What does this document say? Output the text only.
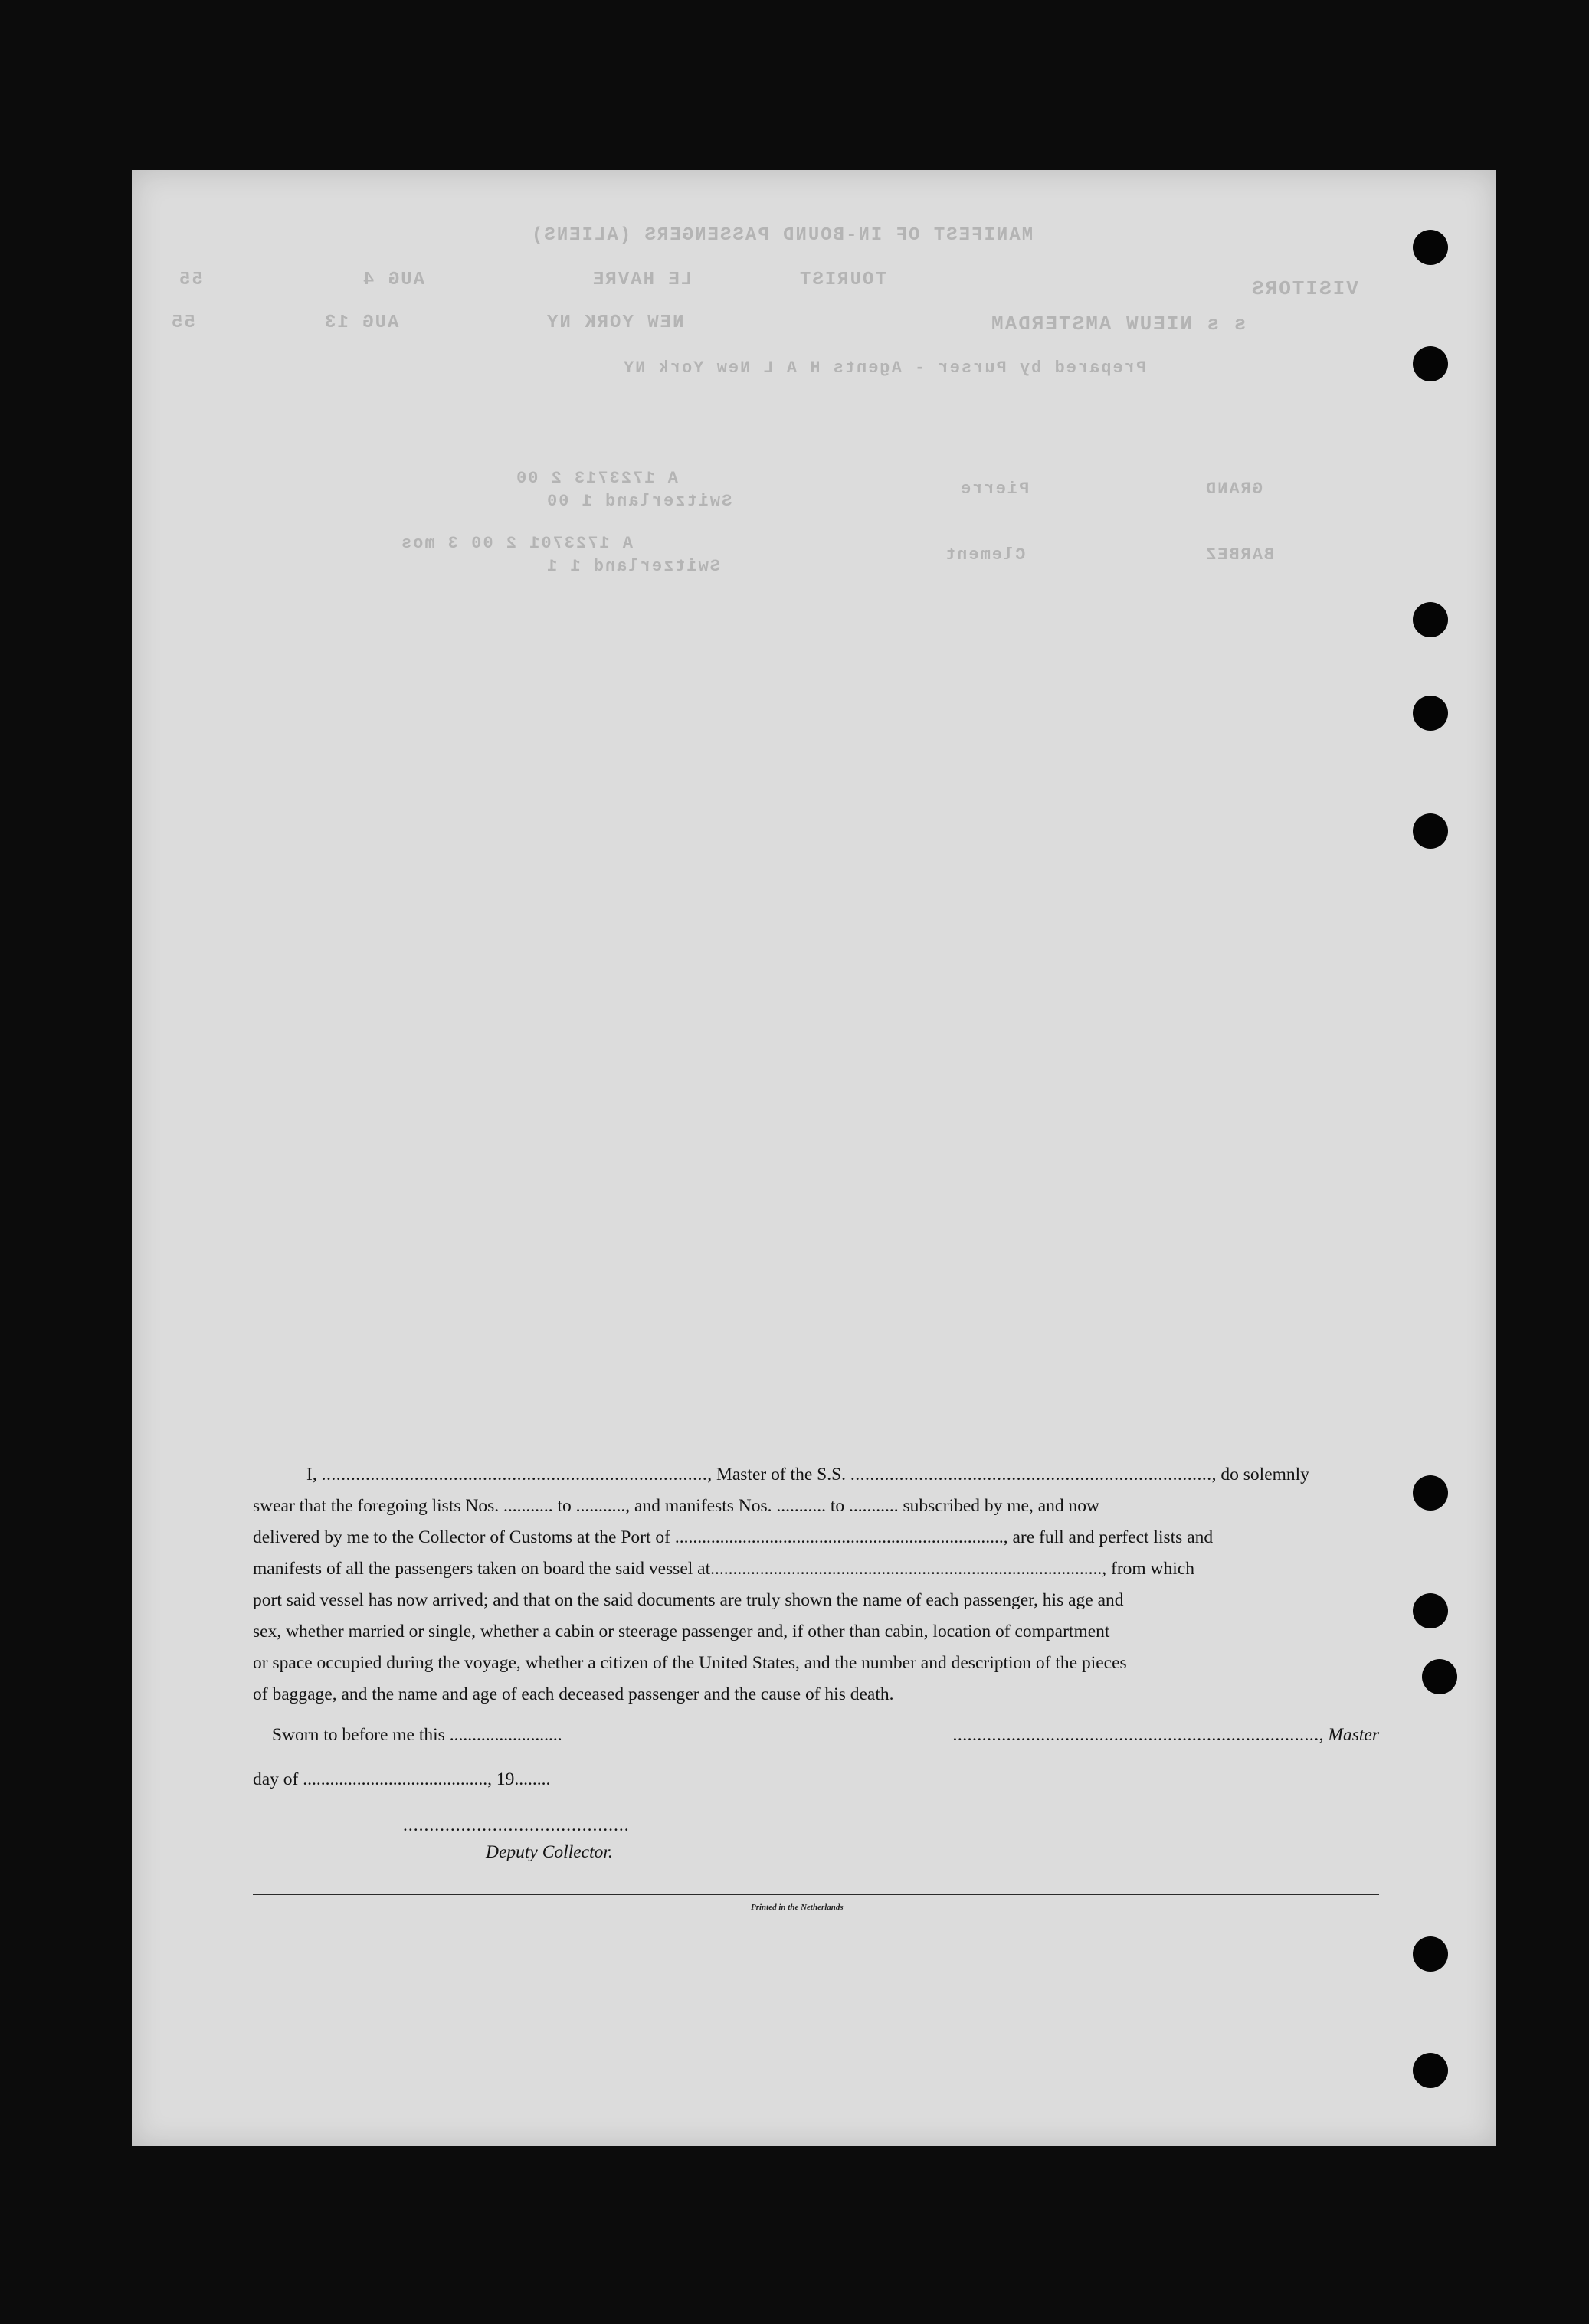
MANIFEST OF IN-BOUND PASSENGERS (ALIENS)
VISITORS
TOURIST
LE HAVRE
AUG 4
55
s s NIEUW AMSTERDAM
NEW YORK NY
AUG 13
55
Prepared by Purser - Agents H A L New York NY
GRAND
Pierre
A 1723713 2 00
Switzerland 1 00
BARBEZ
Clement
A 1723701 2 00 3 mos
Switzerland 1 1

I, ..............................................................................., Master of the S.S. .........................................................................., do solemnly

swear that the foregoing lists Nos. ........... to ..........., and manifests Nos. ........... to ........... subscribed by me, and now

delivered by me to the Collector of Customs at the Port of ........................................................................., are full and perfect lists and

manifests of all the passengers taken on board the said vessel at......................................................................................., from which

port said vessel has now arrived; and that on the said documents are truly shown the name of each passenger, his age and

sex, whether married or single, whether a cabin or steerage passenger and, if other than cabin, location of compartment

or space occupied during the voyage, whether a citizen of the United States, and the number and description of the pieces

of baggage, and the name and age of each deceased passenger and the cause of his death.

Sworn to before me this .........................	..........................................................................., Master
day of ........................................., 19........
...........................................
Deputy Collector.
Printed in the Netherlands
